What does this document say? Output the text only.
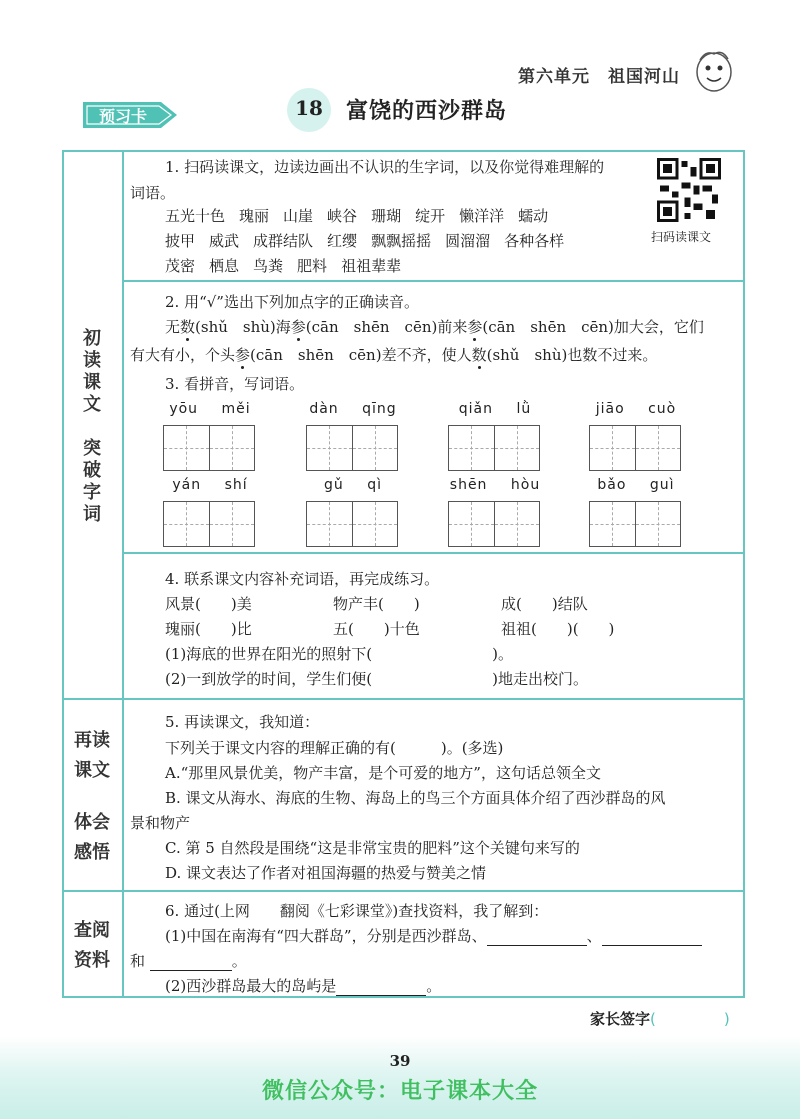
第六单元 祖国河山
预习卡	18	富饶的西沙群岛
初
读
课
文
突
破
字
词
再读
课文
体会
感悟
查阅
资料
1. 扫码读课文，边读边画出不认识的生字词，以及你觉得难理解的
词语。
五光十色 瑰丽 山崖 峡谷 珊瑚 绽开 懒洋洋 蠕动
披甲 威武 成群结队 红缨 飘飘摇摇 圆溜溜 各种各样
茂密 栖息 鸟粪 肥料 祖祖辈辈
扫码读课文
2. 用“√”选出下列加点字的正确读音。
无数(shǔ　shù)海参(cān　shēn　cēn)前来参(cān　shēn　cēn)加大会，它们
有大有小，个头参(cān　shēn　cēn)差不齐，使人数(shǔ　shù)也数不过来。
3. 看拼音，写词语。
yōu měi	dàn qīng	qiǎn lǜ	jiāo cuò
yán shí	gǔ qì	shēn hòu	bǎo guì
4. 联系课文内容补充词语，再完成练习。
风景(　　)美	物产丰(　　)	成(　　)结队
瑰丽(　　)比	五(　　)十色	祖祖(　　)(　　)
(1)海底的世界在阳光的照射下(　　　　　　　　)。
(2)一到放学的时间，学生们便(　　　　　　　　)地走出校门。
5. 再读课文，我知道：
下列关于课文内容的理解正确的有(　　　)。(多选)
A.“那里风景优美，物产丰富，是个可爱的地方”，这句话总领全文
B. 课文从海水、海底的生物、海岛上的鸟三个方面具体介绍了西沙群岛的风
景和物产
C. 第 5 自然段是围绕“这是非常宝贵的肥料”这个关键句来写的
D. 课文表达了作者对祖国海疆的热爱与赞美之情
6. 通过(上网　　翻阅《七彩课堂》)查找资料，我了解到：
(1)中国在南海有“四大群岛”，分别是西沙群岛、	、
和	。
(2)西沙群岛最大的岛屿是	。
家长签字(	)
39
微信公众号：电子课本大全
